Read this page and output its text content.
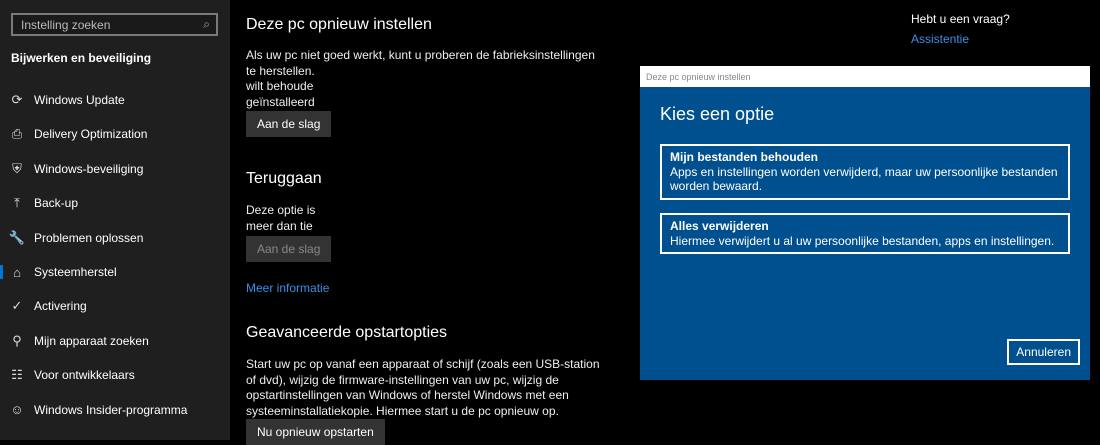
Instelling zoeken	⌕
Bijwerken en beveiliging
⟳ Windows Update
⎙ Delivery Optimization
⛨	Windows-beveiliging
⤒	Back-up
🔧 Problemen oplossen
⌂	Systeemherstel
✓ Activering
⚲	Mijn apparaat zoeken
☷ Voor ontwikkelaars
☺ Windows Insider-programma
Deze pc opnieuw instellen
Als uw pc niet goed werkt, kunt u proberen de fabrieksinstellingen
te herstellen.
wilt behoude
geïnstalleerd
Aan de slag
Teruggaan
Deze optie is
meer dan tie
Aan de slag
Meer informatie
Geavanceerde opstartopties
Start uw pc op vanaf een apparaat of schijf (zoals een USB-station
of dvd), wijzig de firmware-instellingen van uw pc, wijzig de
opstartinstellingen van Windows of herstel Windows met een
systeeminstallatiekopie. Hiermee start u de pc opnieuw op.
Nu opnieuw opstarten
Hebt u een vraag?
Assistentie
Deze pc opnieuw instellen
Kies een optie
Mijn bestanden behouden
Apps en instellingen worden verwijderd, maar uw persoonlijke bestanden worden bewaard.
Alles verwijderen
Hiermee verwijdert u al uw persoonlijke bestanden, apps en instellingen.
Annuleren
